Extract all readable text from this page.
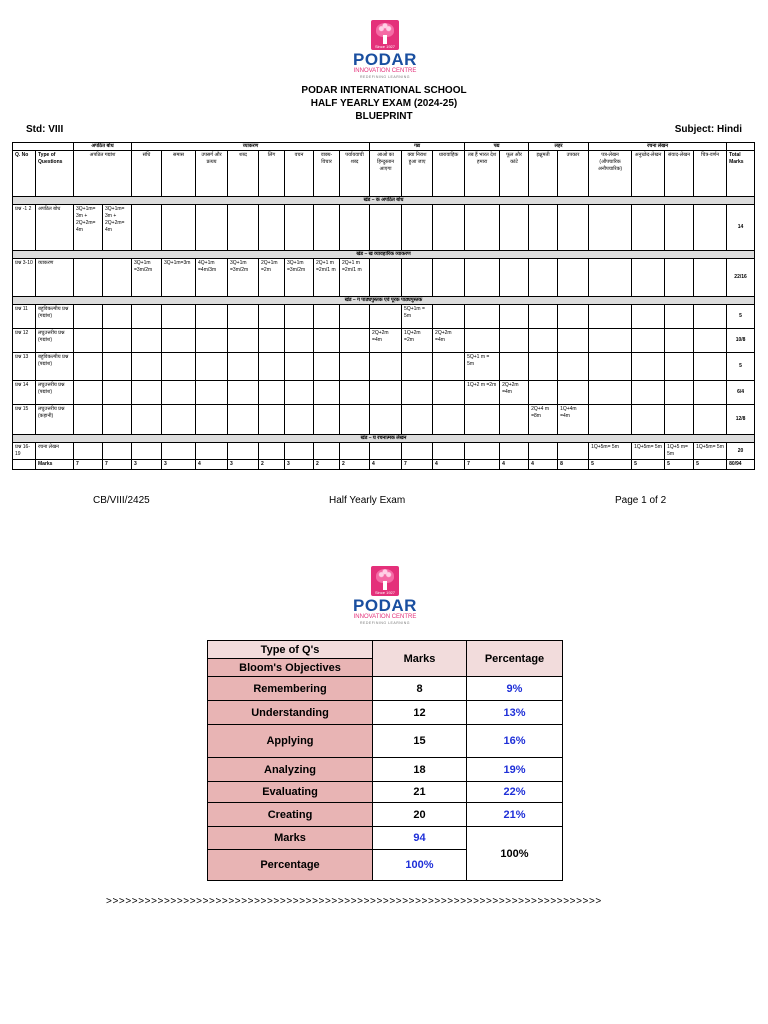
Since 1927
PODAR
INNOVATION CENTRE
REDEFINING LEARNING
PODAR INTERNATIONAL SCHOOL
HALF YEARLY EXAM (2024-25)
BLUEPRINT
Std: VIII	Subject: Hindi
		अपठित बोध		व्याकरण								गद्य			पद्य		लहर		रचना लेखन				
Q. No	Type of Questions	अपठित गद्यांश		संधि	समास	उपसर्ग और प्रत्यय	शब्द	लिंग	वचन	वाक्य-विचार	पर्यायवाची शब्द	आओ का हिन्दुस्तान आएगा	क्या निराश हुआ जाए	धारावाहिक	तब हैं भारत देश हमारा	फूल और कांटे	इक्षुमती	उपकार	पत्र-लेखन (औपचारिक अनौपचारिक)	अनुच्छेद-लेखन	संवाद-लेखन	चित्र-वर्णन	Total Marks
खंड – क अपठित बोध																							
प्रश्न -1 2	अपठित बोध	3Q+1m= 3m + 2Q+2m= 4m	3Q+1m= 3m + 2Q+2m= 4m																				14
खंड – ख व्यावहारिक व्याकरण																							
प्रश्न 3-10	व्याकरण			3Q+1m =3m/2m	3Q+1m=3m	4Q+1m =4m/3m	3Q+1m =3m/2m	2Q+1m =2m	3Q+1m =3m/2m	2Q+1 m =2m/1 m	2Q+1 m =2m/1 m												22/16
खंड – ग पाठ्यपुस्तक एवं पूरक पाठ्यपुस्तक																							
प्रश्न 11	बहुविकल्पीय प्रश्न (गद्यांश)												5Q+1m = 5m										5
प्रश्न 12	लघुउत्तरीय प्रश्न (गद्यांश)											2Q+2m =4m	1Q+2m =2m	2Q+2m =4m									10/8
प्रश्न 13	बहुविकल्पीय प्रश्न (पद्यांश)														5Q+1 m = 5m								5
प्रश्न 14	लघुउत्तरीय प्रश्न (पद्यांश)														1Q+2 m =2m	2Q+2m =4m							6/4
प्रश्न 15	लघुउत्तरीय प्रश्न (कहानी)																2Q+4 m =8m	1Q+4m =4m					12/8
खंड – घ रचनात्मक लेखन																							
प्रश्न 16-19	रचना लेखन																		1Q+5m= 5m	1Q+5m= 5m	1Q+5 m= 5m	1Q+5m= 5m	20
	Marks	7	7	3	3	4	3	2	3	2	2	4	7	4	7	4	4	8	5	5	5	5	80/94
CB/VIII/2425	Half Yearly Exam	Page 1 of 2
Since 1927
PODAR
INNOVATION CENTRE
REDEFINING LEARNING
Type of Q's	Marks	Percentage
Bloom's Objectives		
Remembering	8	9%
Understanding	12	13%
Applying	15	16%
Analyzing	18	19%
Evaluating	21	22%
Creating	20	21%
Marks	94	100%
Percentage	100%	
>>>>>>>>>>>>>>>>>>>>>>>>>>>>>>>>>>>>>>>>>>>>>>>>>>>>>>>>>>>>>>>>>>>>>>>>>>>>>
